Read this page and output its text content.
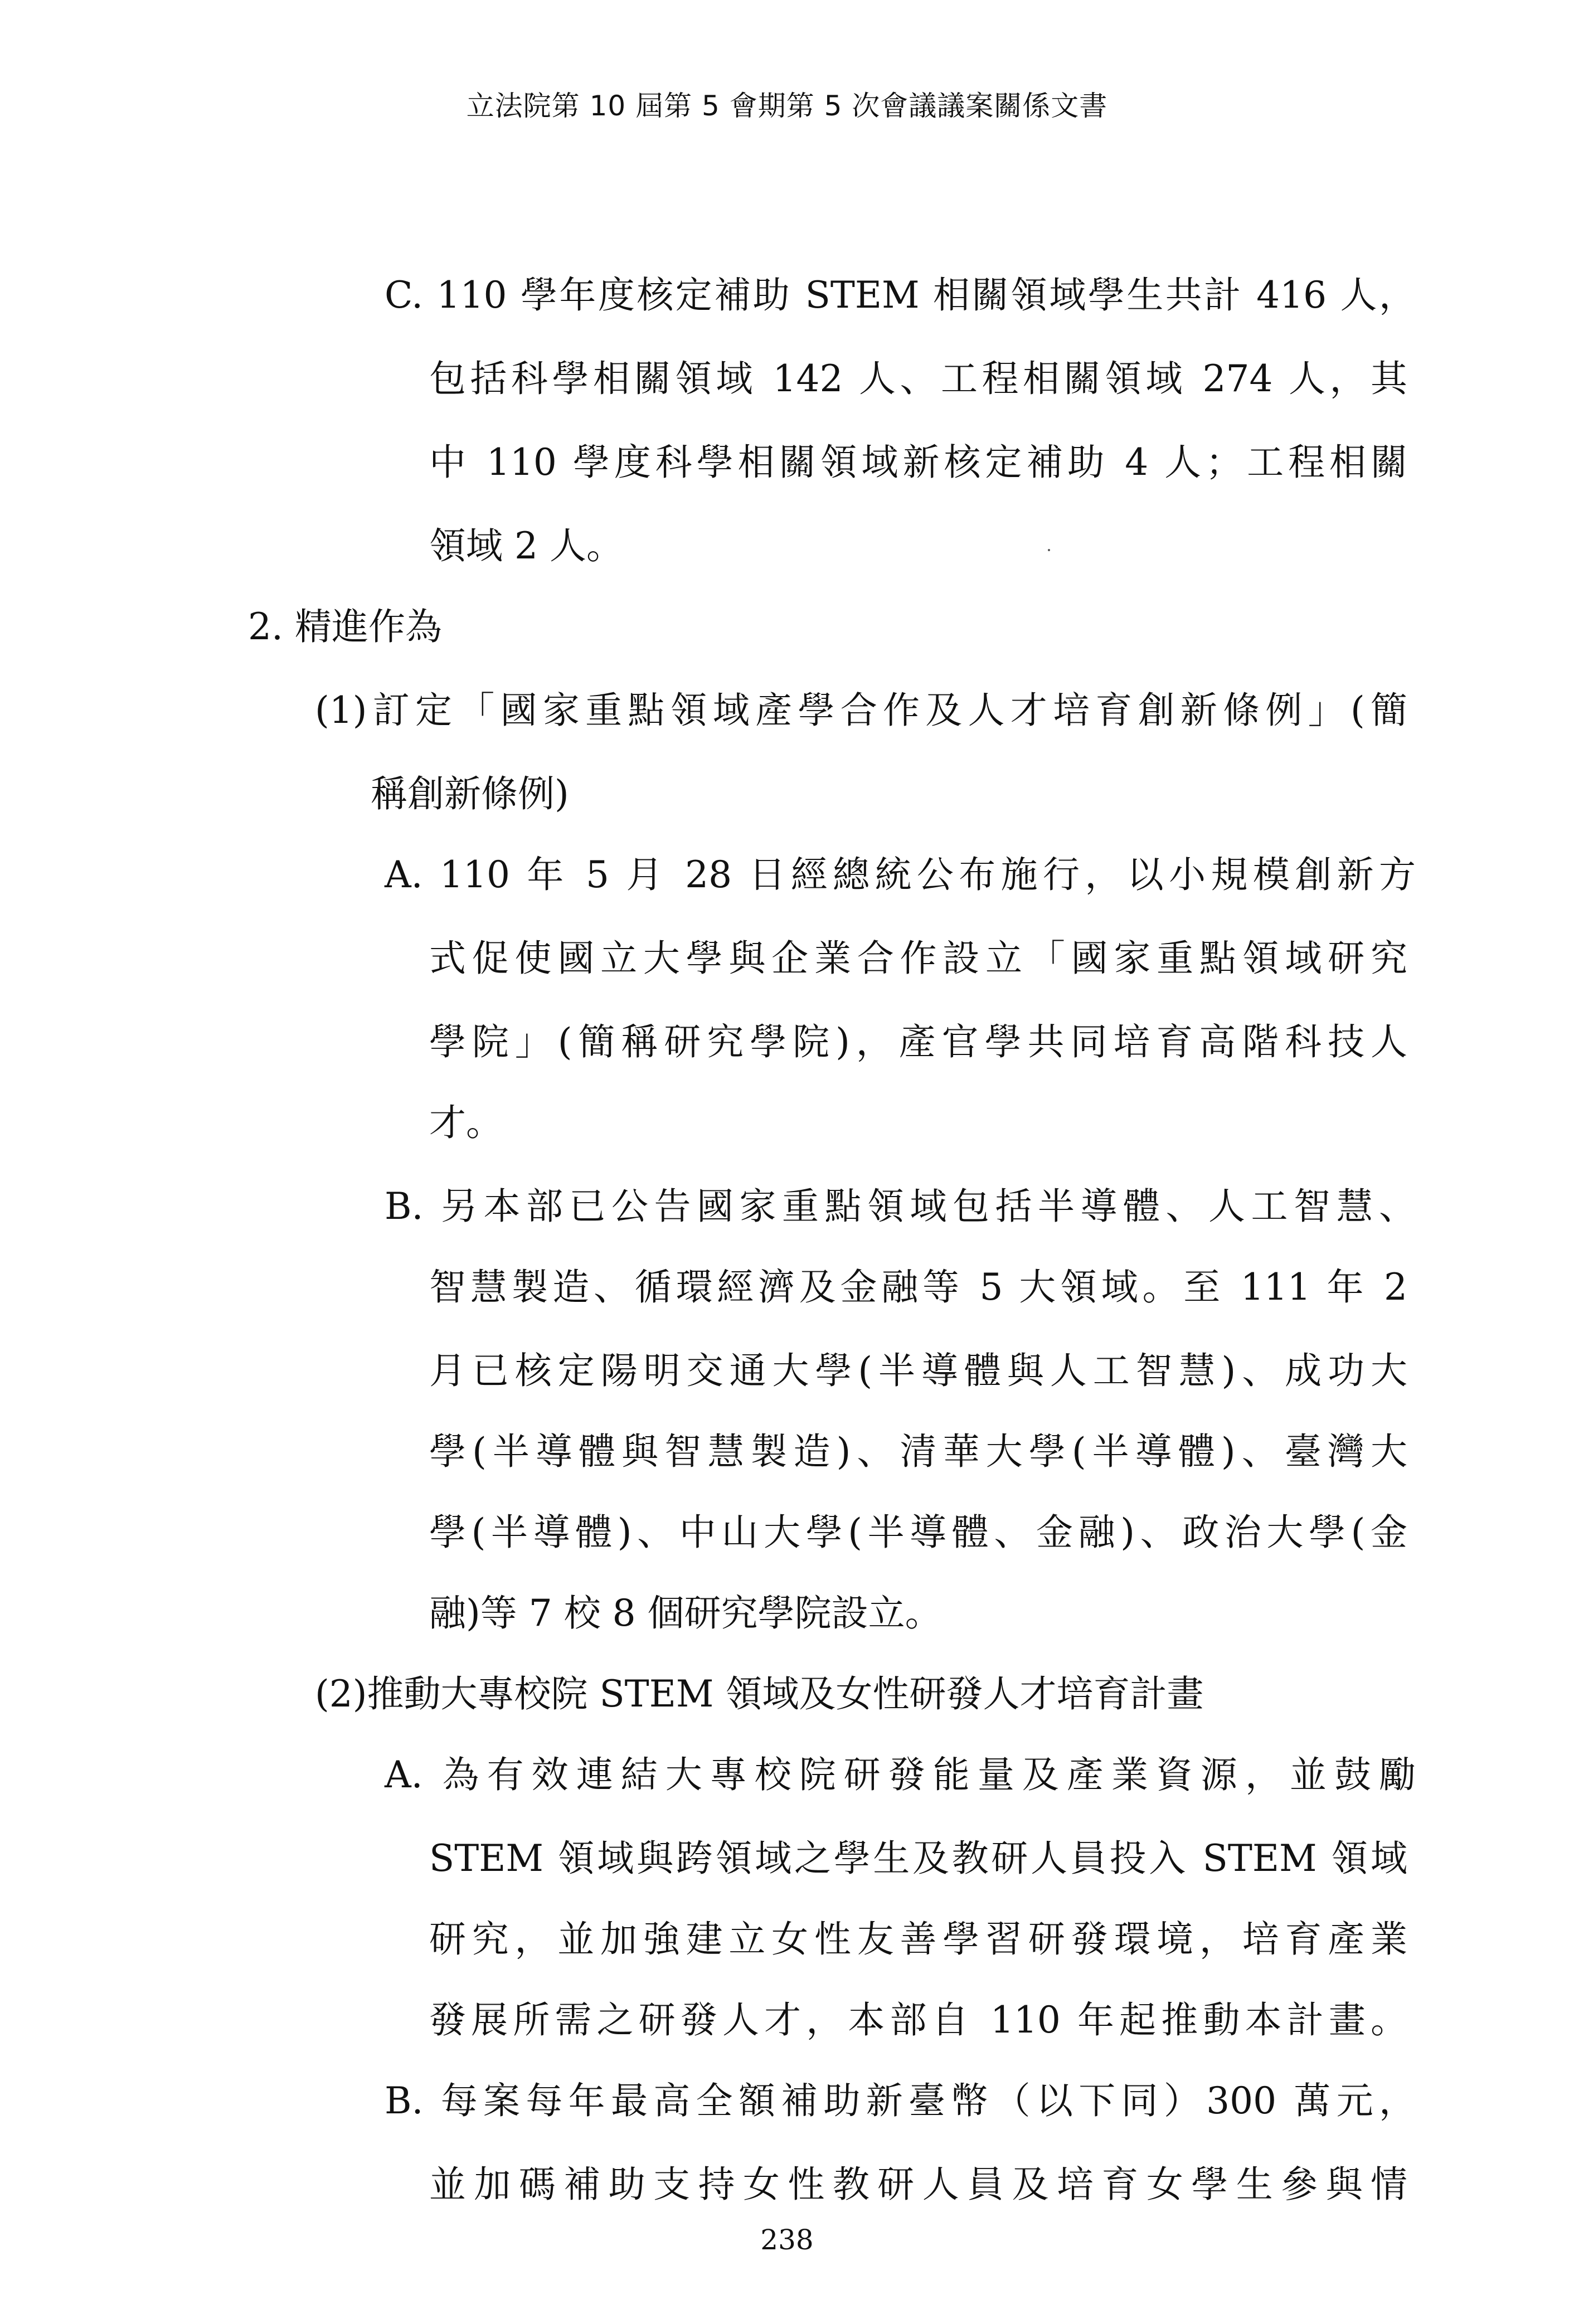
立法院第 10 屆第 5 會期第 5 次會議議案關係文書
C. 110 學年度核定補助 STEM 相關領域學生共計 416 人，
包括科學相關領域 142 人、工程相關領域 274 人，其
中 110 學度科學相關領域新核定補助 4 人；工程相關
領域 2 人。
2. 精進作為
(1)訂定「國家重點領域產學合作及人才培育創新條例」(簡
稱創新條例)
A. 110 年 5 月 28 日經總統公布施行，以小規模創新方
式促使國立大學與企業合作設立「國家重點領域研究
學院」(簡稱研究學院)，產官學共同培育高階科技人
才。
B. 另本部已公告國家重點領域包括半導體、人工智慧、
智慧製造、循環經濟及金融等 5 大領域。至 111 年 2
月已核定陽明交通大學(半導體與人工智慧)、成功大
學(半導體與智慧製造)、清華大學(半導體)、臺灣大
學(半導體)、中山大學(半導體、金融)、政治大學(金
融)等 7 校 8 個研究學院設立。
(2)推動大專校院 STEM 領域及女性研發人才培育計畫
A. 為有效連結大專校院研發能量及產業資源，並鼓勵
STEM 領域與跨領域之學生及教研人員投入 STEM 領域
研究，並加強建立女性友善學習研發環境，培育產業
發展所需之研發人才，本部自 110 年起推動本計畫。
B. 每案每年最高全額補助新臺幣（以下同）300 萬元，
並加碼補助支持女性教研人員及培育女學生參與情
238
